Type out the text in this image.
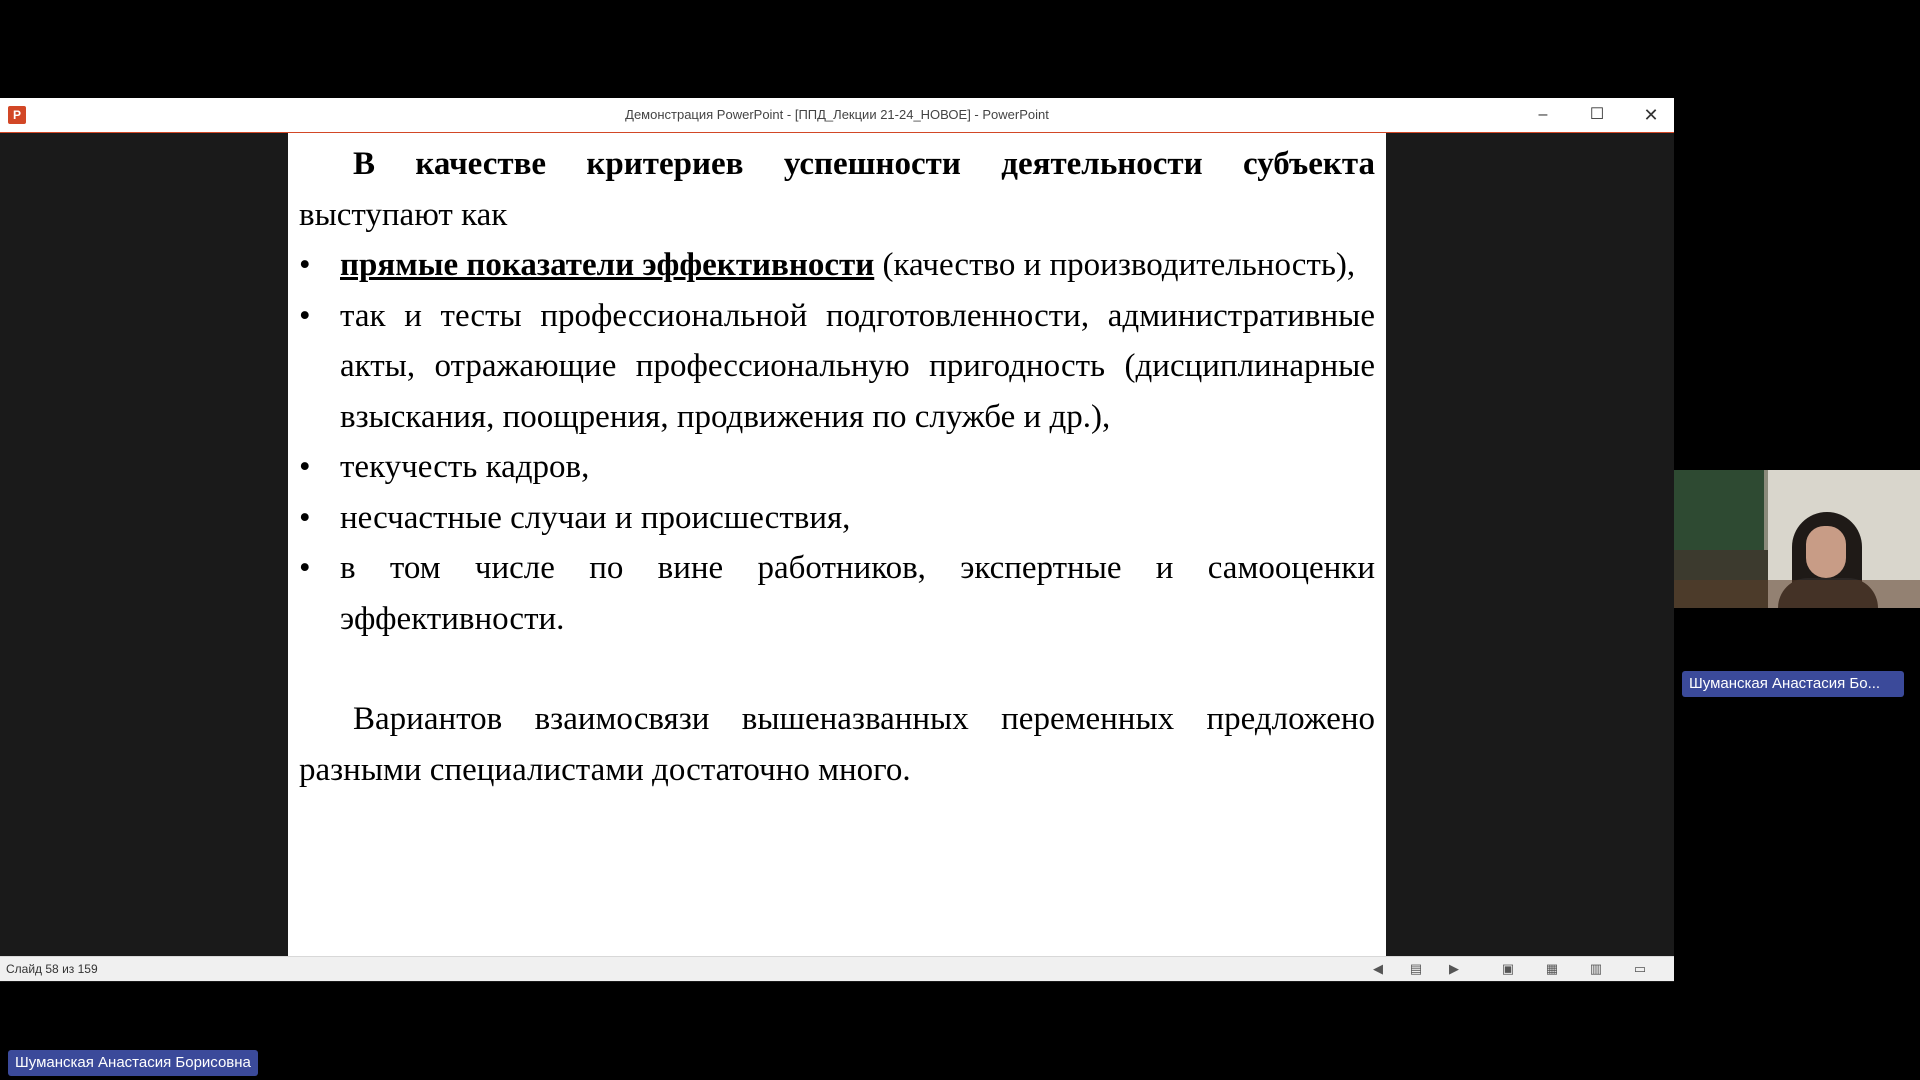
P	Демонстрация PowerPoint - [ППД_Лекции 21-24_НОВОЕ] - PowerPoint	–	☐	✕

В качестве критериев успешности деятельности субъекта выступают как

• прямые показатели эффективности (качество и производительность),
• так и тесты профессиональной подготовленности, административные акты, отражающие профессиональную пригодность (дисциплинарные взыскания, поощрения, продвижения по службе и др.),
• текучесть кадров,
• несчастные случаи и происшествия,
• в том числе по вине работников, экспертные и самооценки эффективности.

Вариантов взаимосвязи вышеназванных переменных предложено разными специалистами достаточно много.

Слайд 58 из 159	◀	▤	▶	▣ ▦ ▥ ▭
Шуманская Анастасия Бо...
Шуманская Анастасия Борисовна
